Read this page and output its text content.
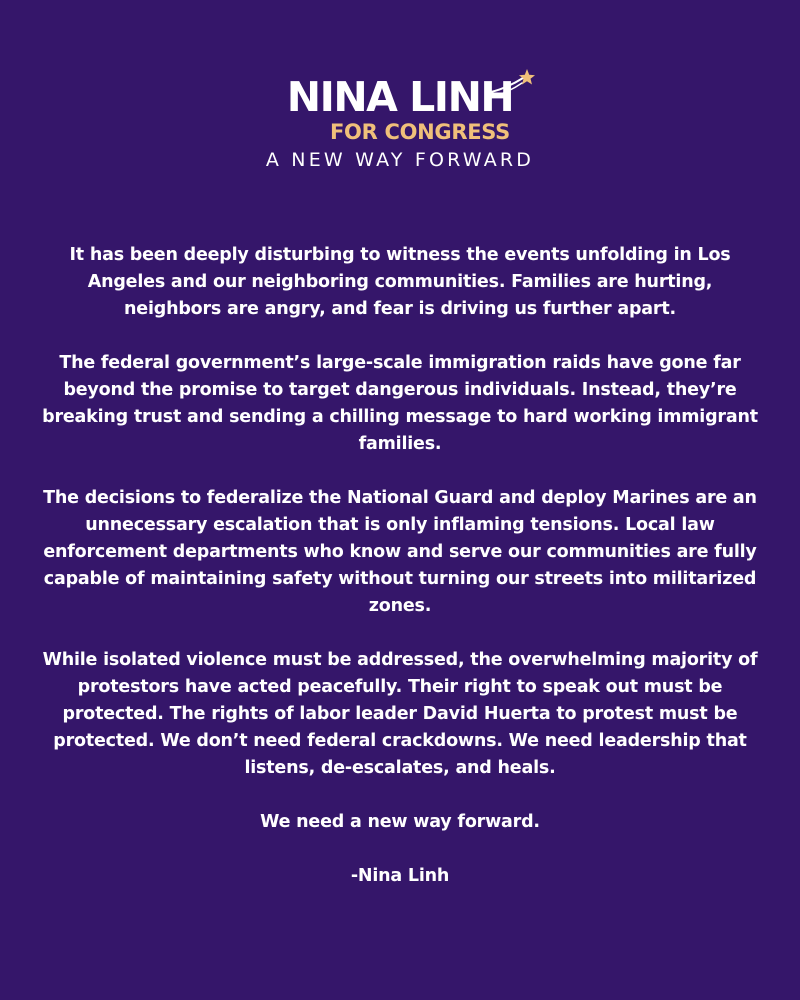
NINA LINH
FOR CONGRESS
A NEW WAY FORWARD

It has been deeply disturbing to witness the events unfolding in Los Angeles and our neighboring communities. Families are hurting, neighbors are angry, and fear is driving us further apart.

The federal government’s large-scale immigration raids have gone far beyond the promise to target dangerous individuals. Instead, they’re breaking trust and sending a chilling message to hard working immigrant families.

The decisions to federalize the National Guard and deploy Marines are an unnecessary escalation that is only inflaming tensions. Local law enforcement departments who know and serve our communities are fully capable of maintaining safety without turning our streets into militarized zones.

While isolated violence must be addressed, the overwhelming majority of protestors have acted peacefully. Their right to speak out must be protected. The rights of labor leader David Huerta to protest must be protected. We don’t need federal crackdowns. We need leadership that listens, de-escalates, and heals.

We need a new way forward.

-Nina Linh
